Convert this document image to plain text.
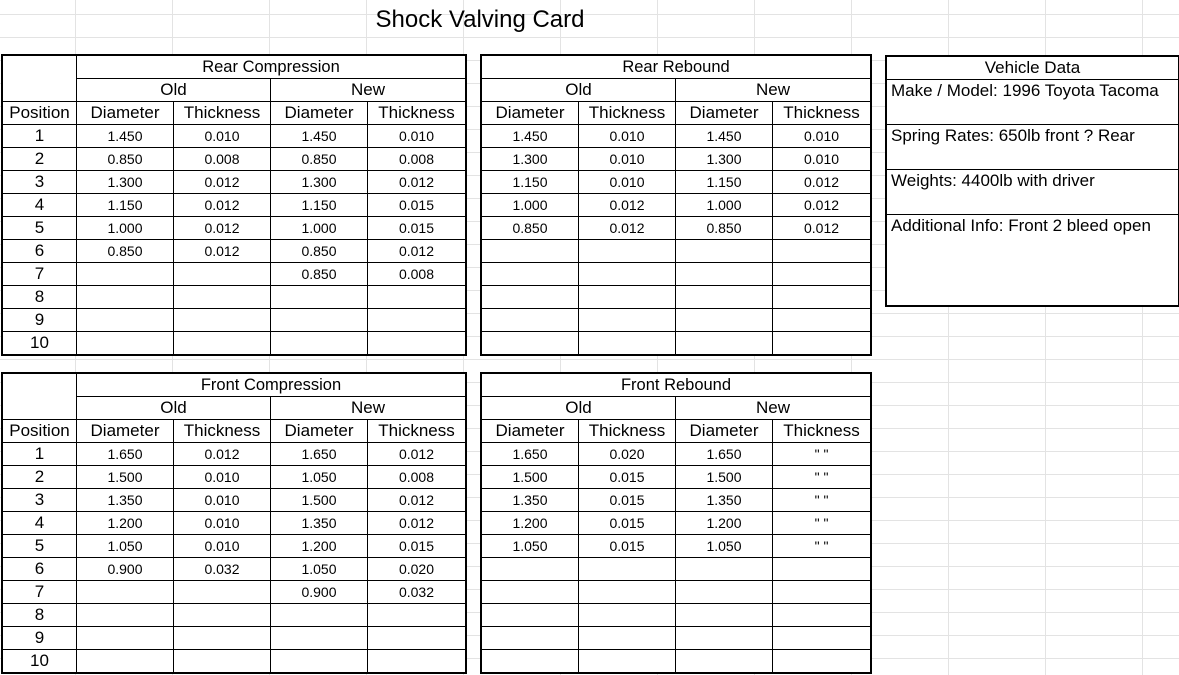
Shock Valving Card
	Rear Compression			
	Old		New	
Position	Diameter	Thickness	Diameter	Thickness
1	1.450	0.010	1.450	0.010
2	0.850	0.008	0.850	0.008
3	1.300	0.012	1.300	0.012
4	1.150	0.012	1.150	0.015
5	1.000	0.012	1.000	0.015
6	0.850	0.012	0.850	0.012
7			0.850	0.008
8				
9				
10				
Rear Rebound			
Old		New	
Diameter	Thickness	Diameter	Thickness
1.450	0.010	1.450	0.010
1.300	0.010	1.300	0.010
1.150	0.010	1.150	0.012
1.000	0.012	1.000	0.012
0.850	0.012	0.850	0.012

	Front Compression			
	Old		New	
Position	Diameter	Thickness	Diameter	Thickness
1	1.650	0.012	1.650	0.012
2	1.500	0.010	1.050	0.008
3	1.350	0.010	1.500	0.012
4	1.200	0.010	1.350	0.012
5	1.050	0.010	1.200	0.015
6	0.900	0.032	1.050	0.020
7			0.900	0.032
8				
9				
10				
Front Rebound			
Old		New	
Diameter	Thickness	Diameter	Thickness
1.650	0.020	1.650	" "
1.500	0.015	1.500	" "
1.350	0.015	1.350	" "
1.200	0.015	1.200	" "
1.050	0.015	1.050	" "

Vehicle Data
Make / Model: 1996 Toyota Tacoma
Spring Rates: 650lb front ? Rear
Weights: 4400lb with driver
Additional Info: Front 2 bleed open
